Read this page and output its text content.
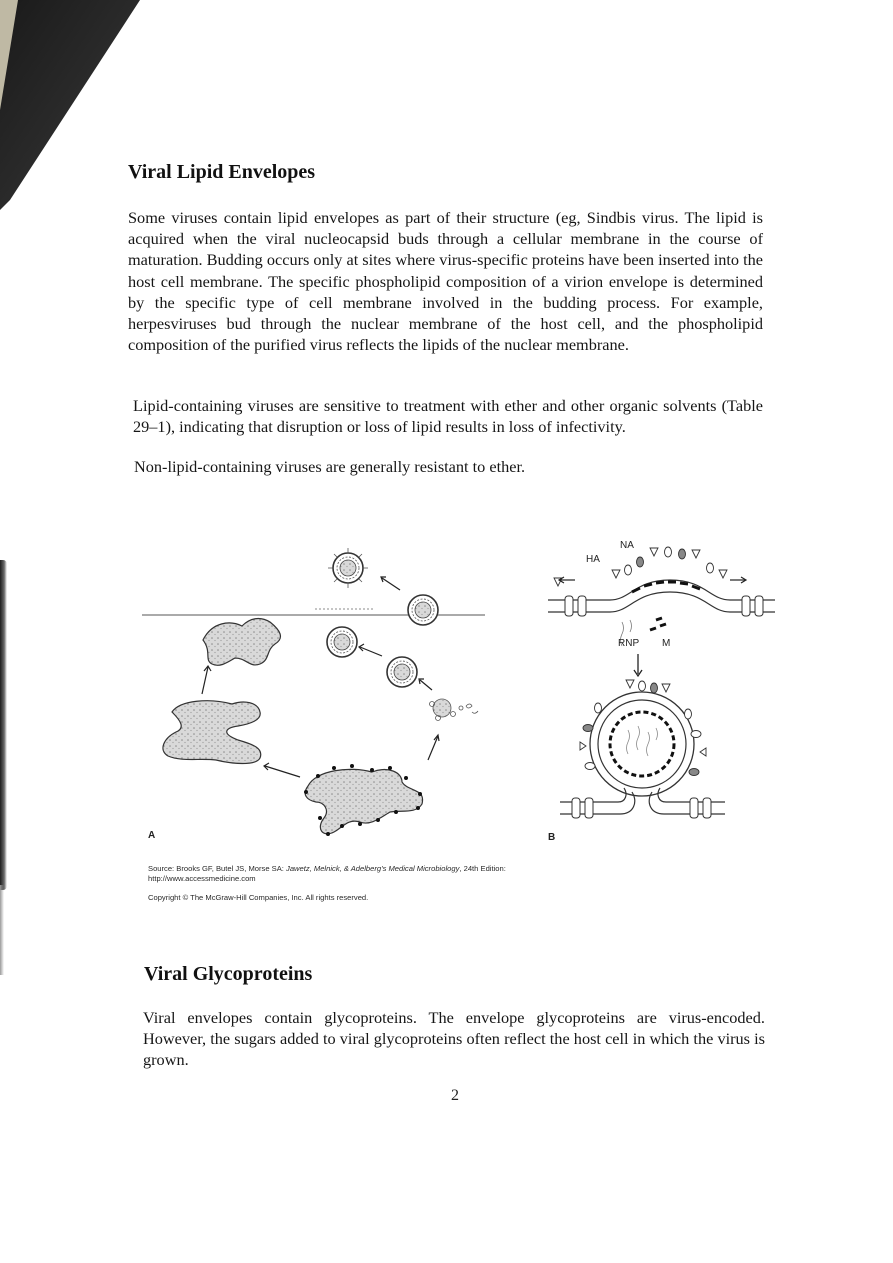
Viral Lipid Envelopes

Some viruses contain lipid envelopes as part of their structure (eg, Sindbis virus. The lipid is acquired when the viral nucleocapsid buds through a cellular membrane in the course of maturation. Budding occurs only at sites where virus-specific proteins have been inserted into the host cell membrane. The specific phospholipid composition of a virion envelope is determined by the specific type of cell membrane involved in the budding process. For example, herpesviruses bud through the nuclear membrane of the host cell, and the phospholipid composition of the purified virus reflects the lipids of the nuclear membrane.

Lipid-containing viruses are sensitive to treatment with ether and other organic solvents (Table 29–1), indicating that disruption or loss of lipid results in loss of infectivity.

Non-lipid-containing viruses are generally resistant to ether.

NA
HA
RNP M
A	B

Source: Brooks GF, Butel JS, Morse SA: Jawetz, Melnick, & Adelberg's Medical Microbiology, 24th Edition: http://www.accessmedicine.com

Copyright © The McGraw-Hill Companies, Inc. All rights reserved.

Viral Glycoproteins

Viral envelopes contain glycoproteins. The envelope glycoproteins are virus-encoded. However, the sugars added to viral glycoproteins often reflect the host cell in which the virus is grown.

2
